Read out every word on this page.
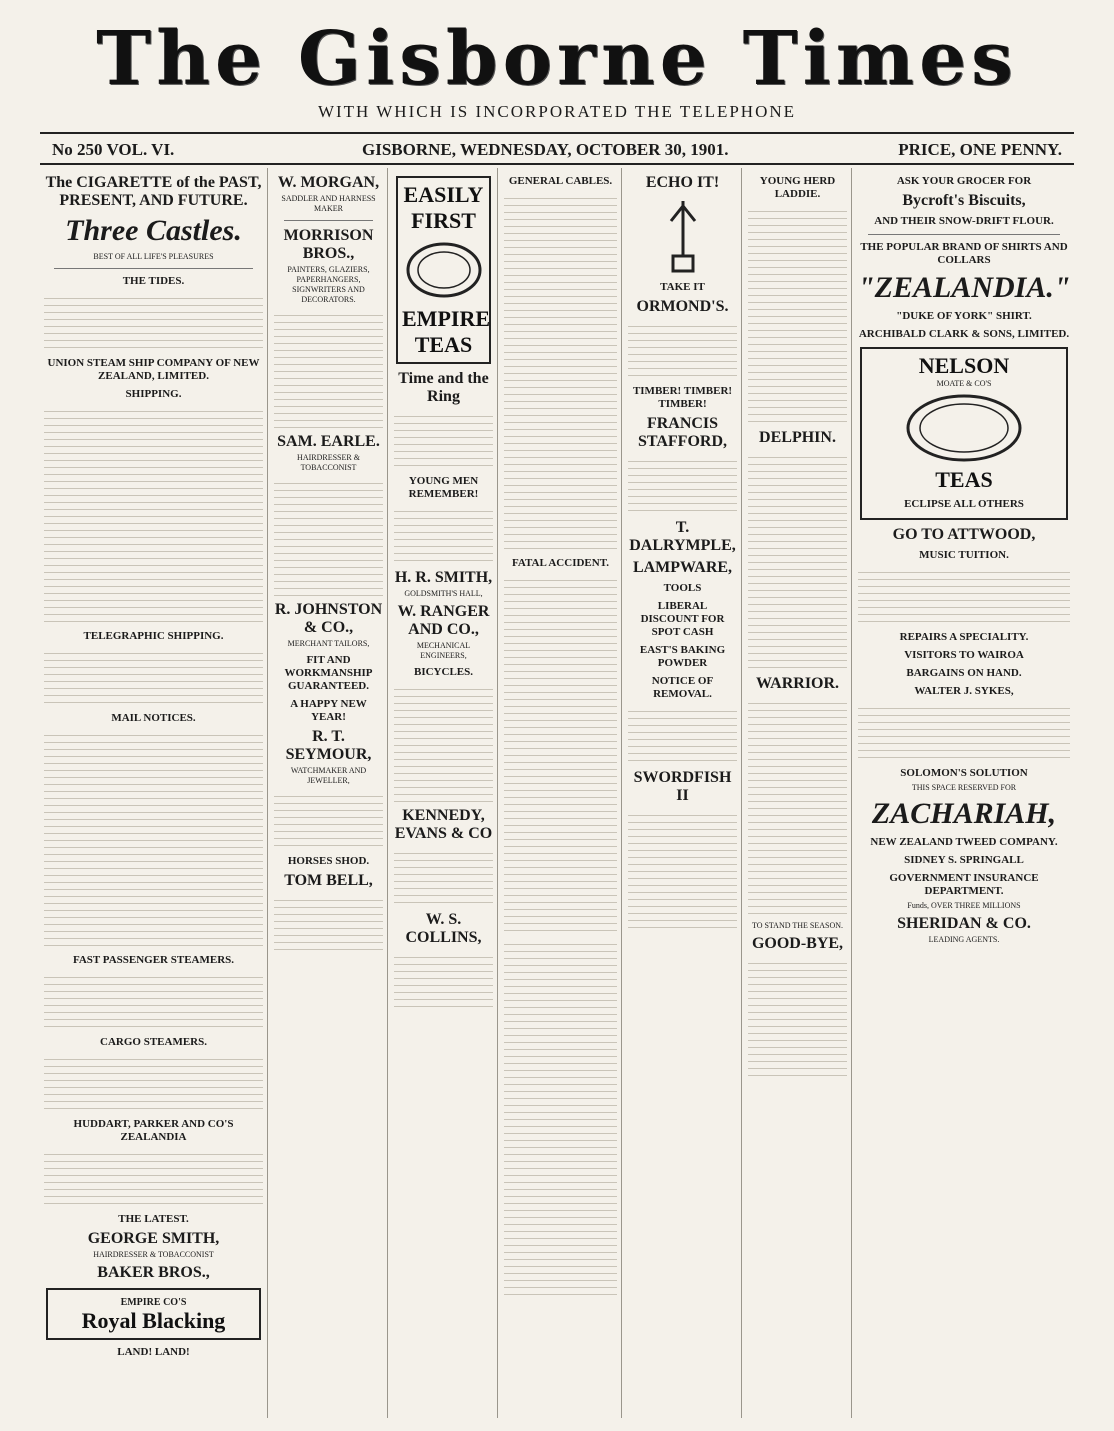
The Gisborne Times
WITH WHICH IS INCORPORATED THE TELEPHONE
No 250 VOL. VI.	GISBORNE, WEDNESDAY, OCTOBER 30, 1901.	PRICE, ONE PENNY.
The CIGARETTE of the PAST, PRESENT, AND FUTURE.
Three Castles.
BEST OF ALL LIFE'S PLEASURES
THE TIDES.
UNION STEAM SHIP COMPANY OF NEW ZEALAND, LIMITED.
SHIPPING.
TELEGRAPHIC SHIPPING.
MAIL NOTICES.
FAST PASSENGER STEAMERS.
CARGO STEAMERS.
HUDDART, PARKER AND CO'S ZEALANDIA
THE LATEST.
GEORGE SMITH,
HAIRDRESSER & TOBACCONIST
BAKER BROS.,
EMPIRE CO'S
Royal Blacking
LAND! LAND!
W. MORGAN,
SADDLER AND HARNESS MAKER
MORRISON BROS.,
PAINTERS, GLAZIERS, PAPERHANGERS, SIGNWRITERS AND DECORATORS.
SAM. EARLE.
HAIRDRESSER & TOBACCONIST
R. JOHNSTON & CO.,
MERCHANT TAILORS,
FIT AND WORKMANSHIP GUARANTEED.
A HAPPY NEW YEAR!
R. T. SEYMOUR,
WATCHMAKER AND JEWELLER,
HORSES SHOD.
TOM BELL,
EASILY FIRST
EMPIRE TEAS
Time and the Ring
YOUNG MEN REMEMBER!
H. R. SMITH,
GOLDSMITH'S HALL,
W. RANGER AND CO.,
MECHANICAL ENGINEERS,
BICYCLES.
KENNEDY, EVANS & CO
W. S. COLLINS,
GENERAL CABLES.
FATAL ACCIDENT.
ECHO IT!
TAKE IT
ORMOND'S.
TIMBER! TIMBER! TIMBER!
FRANCIS STAFFORD,
T. DALRYMPLE,
LAMPWARE,
TOOLS
LIBERAL DISCOUNT FOR SPOT CASH
EAST'S BAKING POWDER
NOTICE OF REMOVAL.
SWORDFISH II
YOUNG HERD LADDIE.
DELPHIN.
WARRIOR.
TO STAND THE SEASON.
GOOD-BYE,
ASK YOUR GROCER FOR
Bycroft's Biscuits,
AND THEIR SNOW-DRIFT FLOUR.
THE POPULAR BRAND OF SHIRTS AND COLLARS
"ZEALANDIA."
"DUKE OF YORK" SHIRT.
ARCHIBALD CLARK & SONS, LIMITED.
NELSON
MOATE & CO'S
TEAS
ECLIPSE ALL OTHERS
GO TO ATTWOOD,
MUSIC TUITION.
REPAIRS A SPECIALITY.
VISITORS TO WAIROA
BARGAINS ON HAND.
WALTER J. SYKES,
SOLOMON'S SOLUTION
THIS SPACE RESERVED FOR
ZACHARIAH,
NEW ZEALAND TWEED COMPANY.
SIDNEY S. SPRINGALL
GOVERNMENT INSURANCE DEPARTMENT.
Funds, OVER THREE MILLIONS
SHERIDAN & CO.
LEADING AGENTS.
